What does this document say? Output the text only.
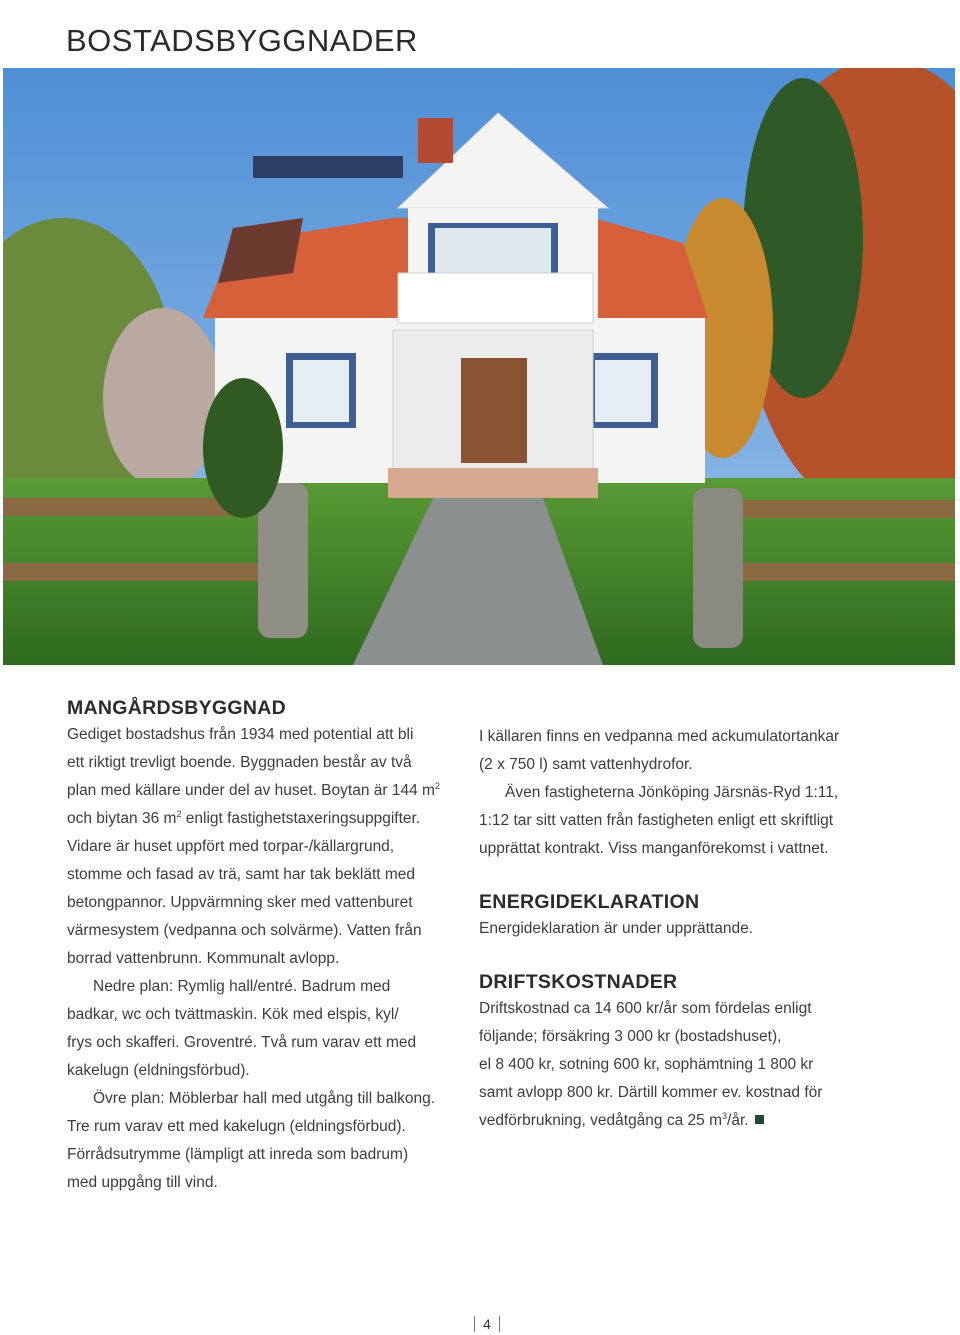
BOSTADSBYGGNADER
MANGÅRDSBYGGNAD

Gediget bostadshus från 1934 med potential att bli

ett riktigt trevligt boende. Byggnaden består av två

plan med källare under del av huset. Boytan är 144 $m^2$

och biytan 36 $m^2$ enligt fastighetstaxeringsuppgifter.

Vidare är huset uppfört med torpar-/källargrund,

stomme och fasad av trä, samt har tak beklätt med

betongpannor. Uppvärmning sker med vattenburet

värmesystem (vedpanna och solvärme). Vatten från

borrad vattenbrunn. Kommunalt avlopp.

Nedre plan: Rymlig hall/entré. Badrum med

badkar, wc och tvättmaskin. Kök med elspis, kyl/

frys och skafferi. Groventré. Två rum varav ett med

kakelugn (eldningsförbud).

Övre plan: Möblerbar hall med utgång till balkong.

Tre rum varav ett med kakelugn (eldningsförbud).

Förrådsutrymme (lämpligt att inreda som badrum)

med uppgång till vind.

I källaren finns en vedpanna med ackumulatortankar

(2 x 750 l) samt vattenhydrofor.

Även fastigheterna Jönköping Järsnäs-Ryd 1:11,

1:12 tar sitt vatten från fastigheten enligt ett skriftligt

upprättat kontrakt. Viss manganförekomst i vattnet.

ENERGIDEKLARATION

Energideklaration är under upprättande.

DRIFTSKOSTNADER

Driftskostnad ca 14 600 kr/år som fördelas enligt

följande; försäkring 3 000 kr (bostadshuset),

el 8 400 kr, sotning 600 kr, sophämtning 1 800 kr

samt avlopp 800 kr. Därtill kommer ev. kostnad för

vedförbrukning, vedåtgång ca 25 $m^3/år$.

4
